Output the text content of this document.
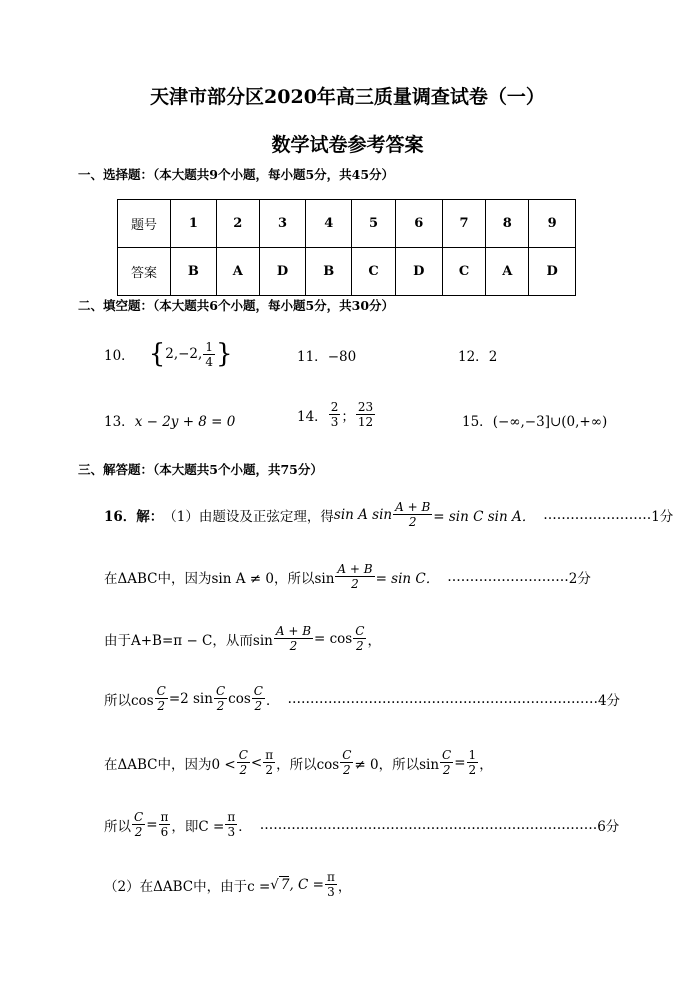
天津市部分区2020年高三质量调查试卷（一）
数学试卷参考答案
一、选择题：（本大题共9个小题，每小题5分，共45分）
题号	1	2	3	4	5	6	7	8	9
答案	B	A	D	B	C	D	C	A	D
二、填空题：（本大题共6个小题，每小题5分，共30分）
10． { 2,−2, $\frac{1}{4}$ }	11．−80	12．2
13．x − 2y + 8 = 0	14． $\frac{2}{3}$ ； $\frac{23}{12}$	15．(−∞,−3]∪(0,+∞)
三、解答题：（本大题共5个小题，共75分）
16．解： （1）由题设及正弦定理，得 sin A $\sin \frac{A + B}{2} = \sin C$ sin A． …………………… 1分
在ΔABC中，因为sin A ≠ 0，所以$\sin \frac{A + B}{2} = \sin C$． ……………………… 2分
由于A+B=π − C，从而$\sin \frac{A + B}{2} = \cos \frac{C}{2}$ ，
所以$\cos \frac{C}{2} =2$ $\sin \frac{C}{2}$ $\cos \frac{C}{2}$ ． …………………………………………………………… 4分
在ΔABC中，因为$0 < \frac{C}{2} < \frac{\pi}{2}$ ，所以$\cos \frac{C}{2} \ne 0$，所以$\sin \frac{C}{2} = \frac{1}{2}$ ，
所以 $\frac{C}{2} = \frac{\pi}{6}$ ，即$C = \frac{\pi}{3}$ ． ………………………………………………………………… 6分
（2）在ΔABC中，由于c = √ 7 , $C = \frac{\pi}{3}$ ，
